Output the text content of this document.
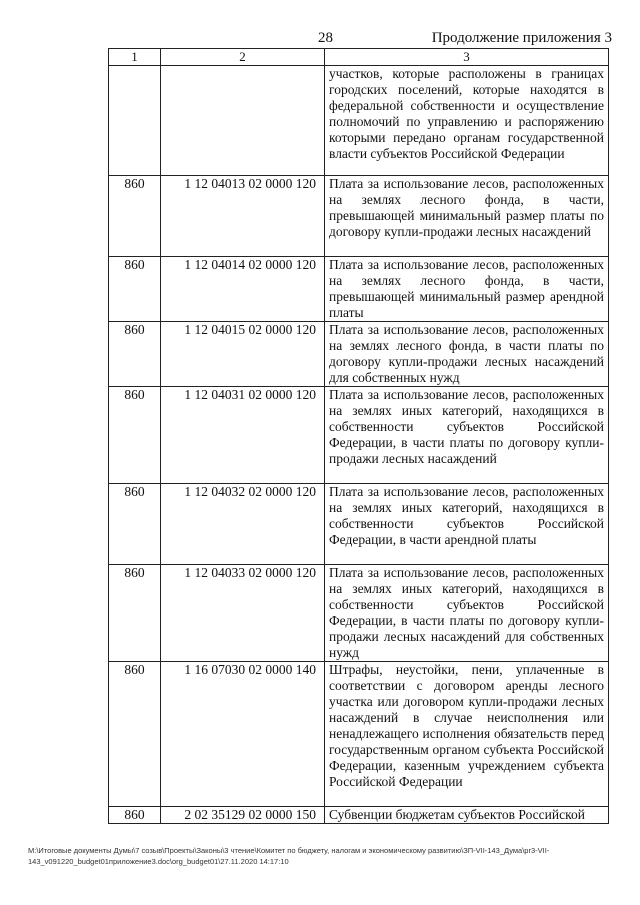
28	Продолжение приложения 3
1	2	3
		участков, которые расположены в границах городских поселений, которые находятся в федеральной собственности и осуществление полномочий по управлению и распоряжению которыми передано органам государственной власти субъектов Российской Федерации
860	1 12 04013 02 0000 120	Плата за использование лесов, расположенных на землях лесного фонда, в части, превышающей минимальный размер платы по договору купли-продажи лесных насаждений
860	1 12 04014 02 0000 120	Плата за использование лесов, расположенных на землях лесного фонда, в части, превышающей минимальный размер арендной платы
860	1 12 04015 02 0000 120	Плата за использование лесов, расположенных на землях лесного фонда, в части платы по договору купли-продажи лесных насаждений для собственных нужд
860	1 12 04031 02 0000 120	Плата за использование лесов, расположенных на землях иных категорий, находящихся в собственности субъектов Российской Федерации, в части платы по договору купли-продажи лесных насаждений
860	1 12 04032 02 0000 120	Плата за использование лесов, расположенных на землях иных категорий, находящихся в собственности субъектов Российской Федерации, в части арендной платы
860	1 12 04033 02 0000 120	Плата за использование лесов, расположенных на землях иных категорий, находящихся в собственности субъектов Российской Федерации, в части платы по договору купли-продажи лесных насаждений для собственных нужд
860	1 16 07030 02 0000 140	Штрафы, неустойки, пени, уплаченные в соответствии с договором аренды лесного участка или договором купли-продажи лесных насаждений в случае неисполнения или ненадлежащего исполнения обязательств перед государственным органом субъекта Российской Федерации, казенным учреждением субъекта Российской Федерации
860	2 02 35129 02 0000 150	Субвенции бюджетам субъектов Российской
М:\Итоговые документы Думы\7 созыв\Проекты\Законы\3 чтение\Комитет по бюджету, налогам и экономическому развитию\ЗП-VII-143_Дума\pr3-VII-143_v091220_budget01приложение3.doc\org_budget01\27.11.2020 14:17:10
